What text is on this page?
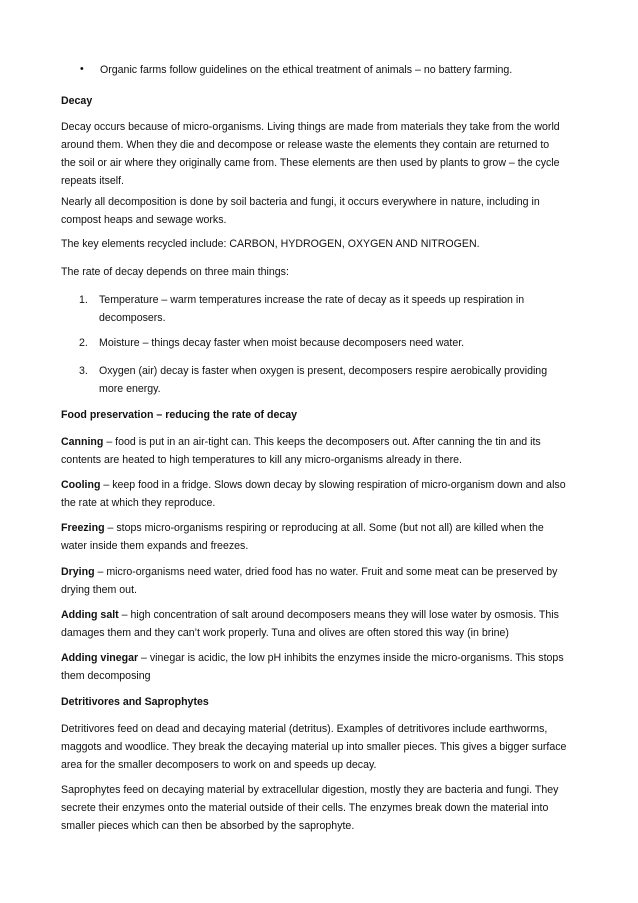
• Organic farms follow guidelines on the ethical treatment of animals – no battery farming.
Decay
Decay occurs because of micro-organisms. Living things are made from materials they take from the world
around them. When they die and decompose or release waste the elements they contain are returned to
the soil or air where they originally came from. These elements are then used by plants to grow – the cycle
repeats itself.
Nearly all decomposition is done by soil bacteria and fungi, it occurs everywhere in nature, including in
compost heaps and sewage works.
The key elements recycled include: CARBON, HYDROGEN, OXYGEN AND NITROGEN.
The rate of decay depends on three main things:
1. Temperature – warm temperatures increase the rate of decay as it speeds up respiration in
decomposers.
2. Moisture – things decay faster when moist because decomposers need water.
3. Oxygen (air) decay is faster when oxygen is present, decomposers respire aerobically providing
more energy.
Food preservation – reducing the rate of decay
Canning – food is put in an air-tight can. This keeps the decomposers out. After canning the tin and its
contents are heated to high temperatures to kill any micro-organisms already in there.
Cooling – keep food in a fridge. Slows down decay by slowing respiration of micro-organism down and also
the rate at which they reproduce.
Freezing – stops micro-organisms respiring or reproducing at all. Some (but not all) are killed when the
water inside them expands and freezes.
Drying – micro-organisms need water, dried food has no water. Fruit and some meat can be preserved by
drying them out.
Adding salt – high concentration of salt around decomposers means they will lose water by osmosis. This
damages them and they can’t work properly. Tuna and olives are often stored this way (in brine)
Adding vinegar – vinegar is acidic, the low pH inhibits the enzymes inside the micro-organisms. This stops
them decomposing
Detritivores and Saprophytes
Detritivores feed on dead and decaying material (detritus). Examples of detritivores include earthworms,
maggots and woodlice. They break the decaying material up into smaller pieces. This gives a bigger surface
area for the smaller decomposers to work on and speeds up decay.
Saprophytes feed on decaying material by extracellular digestion, mostly they are bacteria and fungi. They
secrete their enzymes onto the material outside of their cells. The enzymes break down the material into
smaller pieces which can then be absorbed by the saprophyte.
